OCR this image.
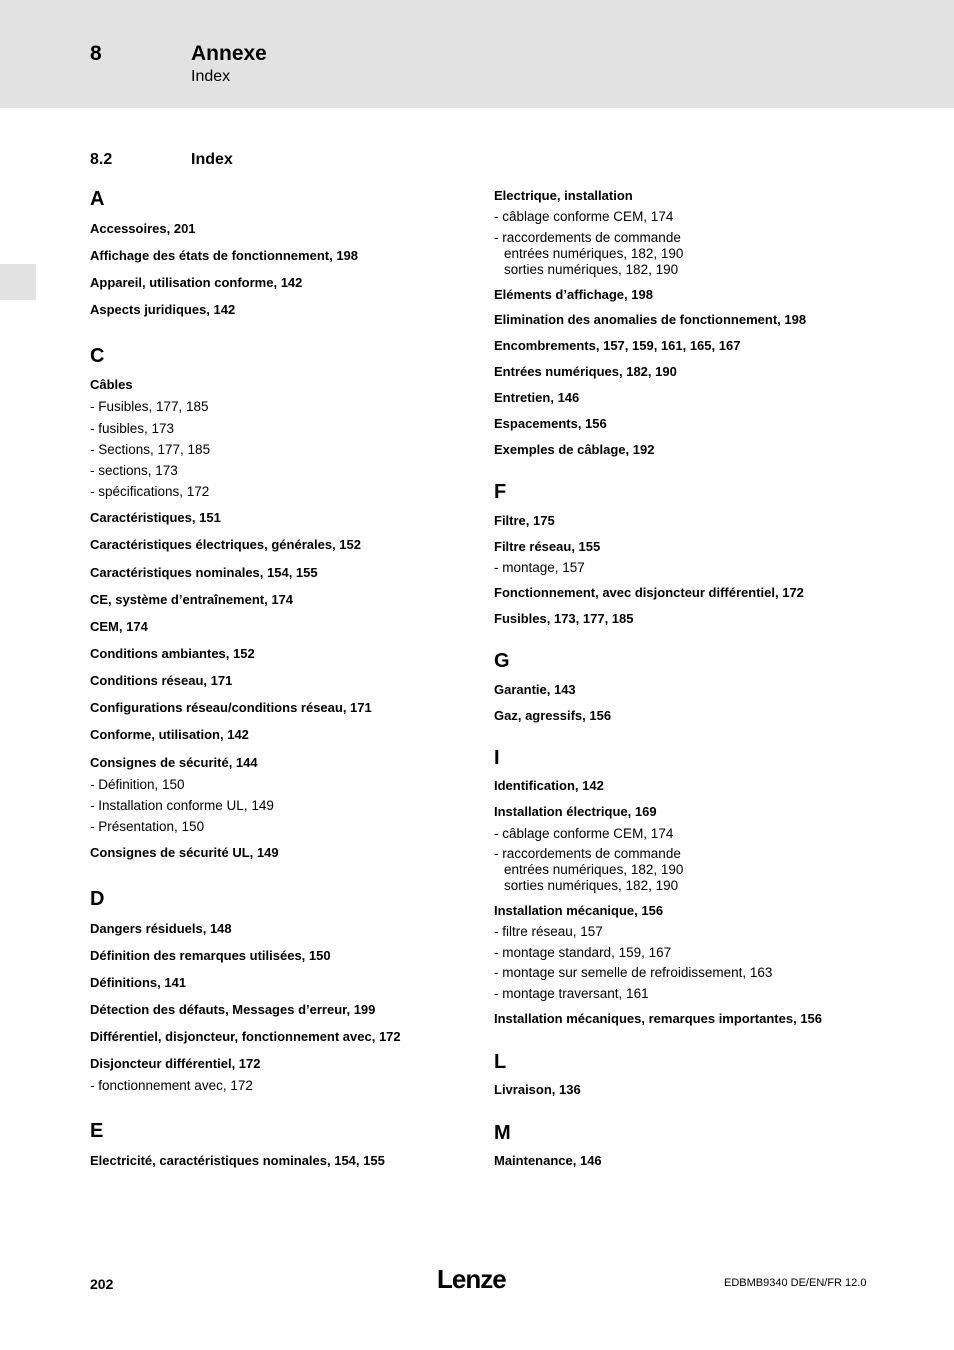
8	Annexe
Index
8.2	Index
A
Accessoires, 201
Affichage des états de fonctionnement, 198
Appareil, utilisation conforme, 142
Aspects juridiques, 142
C
Câbles
- Fusibles, 177, 185
- fusibles, 173
- Sections, 177, 185
- sections, 173
- spécifications, 172
Caractéristiques, 151
Caractéristiques électriques, générales, 152
Caractéristiques nominales, 154, 155
CE, système d’entraînement, 174
CEM, 174
Conditions ambiantes, 152
Conditions réseau, 171
Configurations réseau/conditions réseau, 171
Conforme, utilisation, 142
Consignes de sécurité, 144
- Définition, 150
- Installation conforme UL, 149
- Présentation, 150
Consignes de sécurité UL, 149
D
Dangers résiduels, 148
Définition des remarques utilisées, 150
Définitions, 141
Détection des défauts, Messages d’erreur, 199
Différentiel, disjoncteur, fonctionnement avec, 172
Disjoncteur différentiel, 172
- fonctionnement avec, 172
E
Electricité, caractéristiques nominales, 154, 155
Electrique, installation
- câblage conforme CEM, 174
- raccordements de commande
entrées numériques, 182, 190
sorties numériques, 182, 190
Eléments d’affichage, 198
Elimination des anomalies de fonctionnement, 198
Encombrements, 157, 159, 161, 165, 167
Entrées numériques, 182, 190
Entretien, 146
Espacements, 156
Exemples de câblage, 192
F
Filtre, 175
Filtre réseau, 155
- montage, 157
Fonctionnement, avec disjoncteur différentiel, 172
Fusibles, 173, 177, 185
G
Garantie, 143
Gaz, agressifs, 156
I
Identification, 142
Installation électrique, 169
- câblage conforme CEM, 174
- raccordements de commande
entrées numériques, 182, 190
sorties numériques, 182, 190
Installation mécanique, 156
- filtre réseau, 157
- montage standard, 159, 167
- montage sur semelle de refroidissement, 163
- montage traversant, 161
Installation mécaniques, remarques importantes, 156
L
Livraison, 136
M
Maintenance, 146
202	Lenze	EDBMB9340 DE/EN/FR 12.0
